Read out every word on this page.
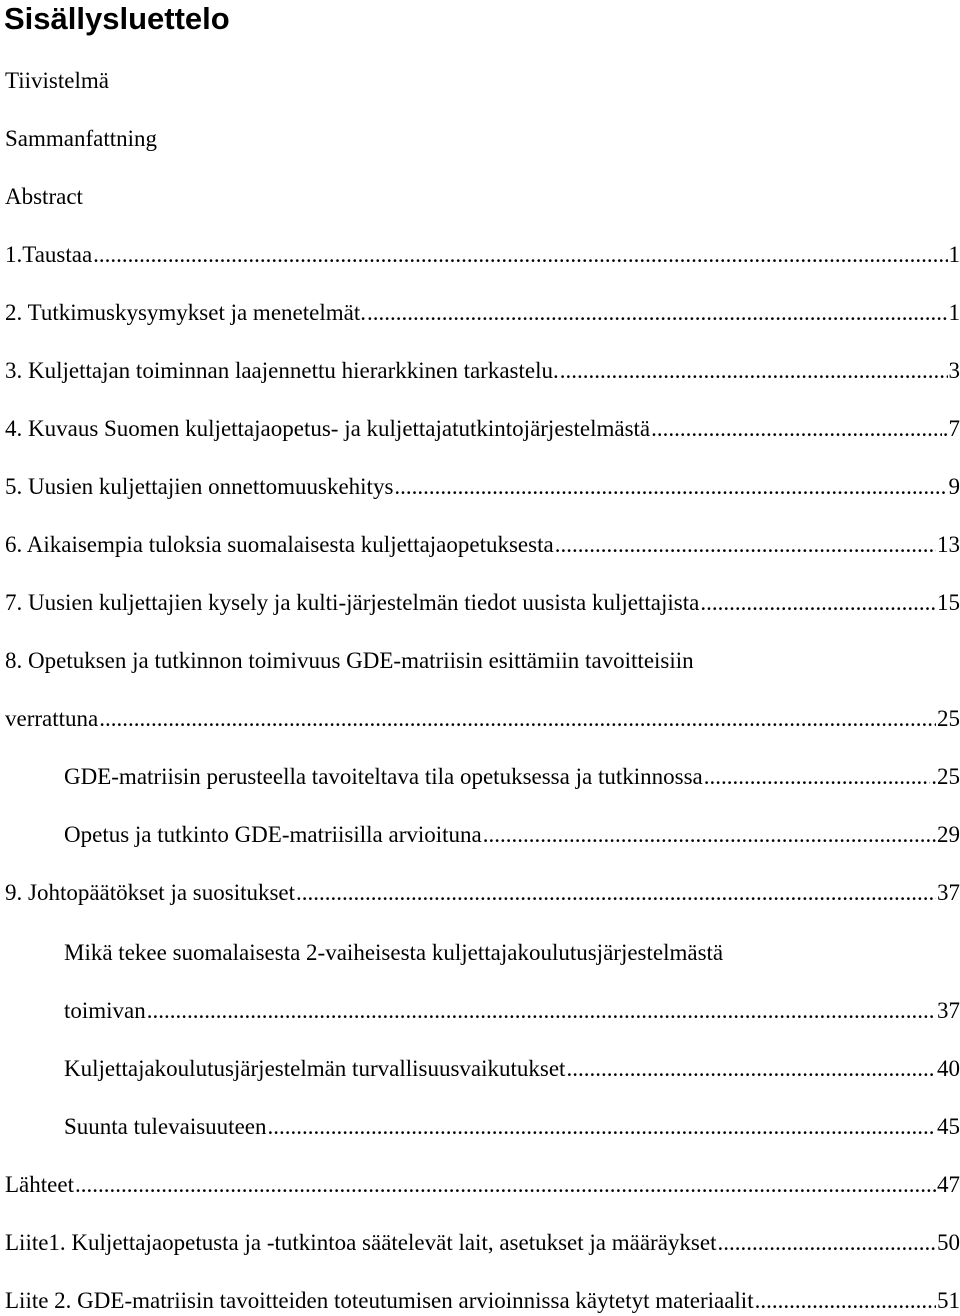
Sisällysluettelo
Tiivistelmä
Sammanfattning
Abstract
1.Taustaa .....	1
2. Tutkimuskysymykset ja menetelmät. .....	1
3. Kuljettajan toiminnan laajennettu hierarkkinen tarkastelu. .....	3
4. Kuvaus Suomen kuljettajaopetus- ja kuljettajatutkintojärjestelmästä .....	.7
5. Uusien kuljettajien onnettomuuskehitys .....	9
6. Aikaisempia tuloksia suomalaisesta kuljettajaopetuksesta .....	13
7. Uusien kuljettajien kysely ja kulti-järjestelmän tiedot uusista kuljettajista .....	15
8. Opetuksen ja tutkinnon toimivuus GDE-matriisin esittämiin tavoitteisiin
verrattuna .....	25
GDE-matriisin perusteella tavoiteltava tila opetuksessa ja tutkinnossa .....	.25
Opetus ja tutkinto GDE-matriisilla arvioituna .....	29
9. Johtopäätökset ja suositukset .....	37
Mikä tekee suomalaisesta 2-vaiheisesta kuljettajakoulutusjärjestelmästä
toimivan .....	37
Kuljettajakoulutusjärjestelmän turvallisuusvaikutukset .....	40
Suunta tulevaisuuteen .....	45
Lähteet .....	47
Liite1. Kuljettajaopetusta ja -tutkintoa säätelevät lait, asetukset ja määräykset .....	50
Liite 2. GDE-matriisin tavoitteiden toteutumisen arvioinnissa käytetyt materiaalit .....	51
